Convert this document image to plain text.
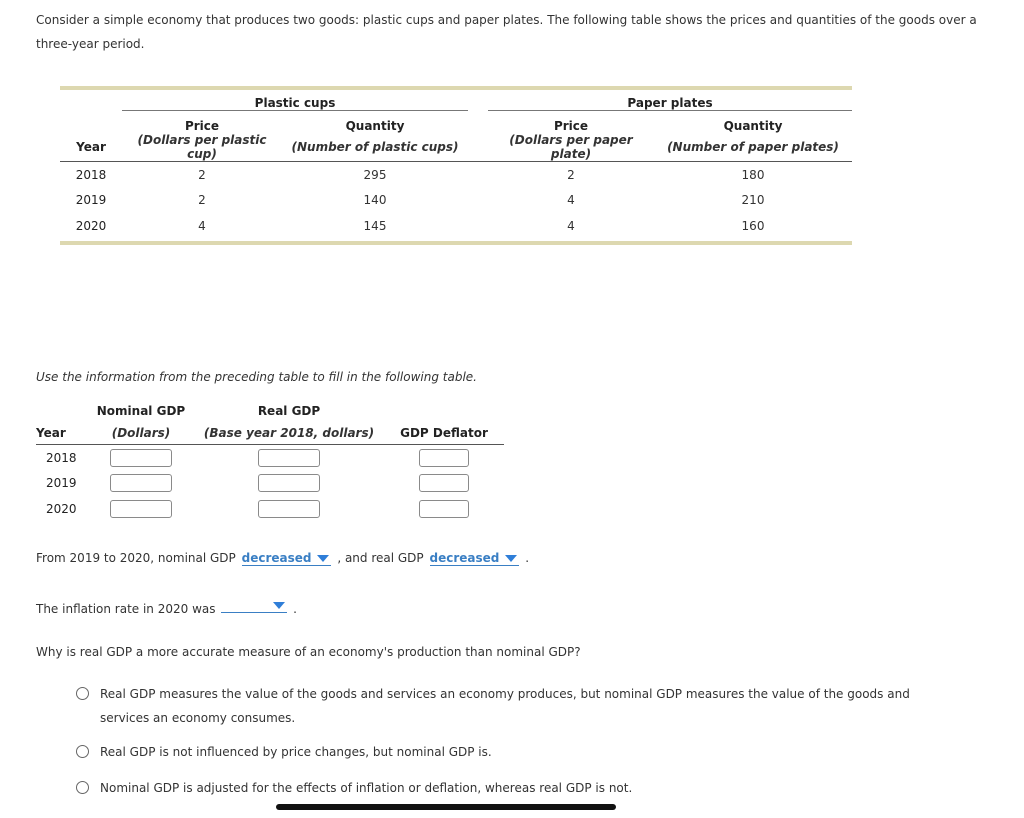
Consider a simple economy that produces two goods: plastic cups and paper plates. The following table shows the prices and quantities of the goods over a three-year period.
	Plastic cups			Paper plates	
	Price	Quantity		Price	Quantity
Year	(Dollars per plastic cup)	(Number of plastic cups)		(Dollars per paper plate)	(Number of paper plates)
2018	2	295		2	180
2019	2	140		4	210
2020	4	145		4	160
Use the information from the preceding table to fill in the following table.
	Nominal GDP	Real GDP	
Year	(Dollars)	(Base year 2018, dollars)	GDP Deflator
2018			
2019			
2020			
From 2019 to 2020, nominal GDP decreased , and real GDP decreased .
The inflation rate in 2020 was	.
Why is real GDP a more accurate measure of an economy's production than nominal GDP?
Real GDP measures the value of the goods and services an economy produces, but nominal GDP measures the value of the goods and services an economy consumes.
Real GDP is not influenced by price changes, but nominal GDP is.
Nominal GDP is adjusted for the effects of inflation or deflation, whereas real GDP is not.
